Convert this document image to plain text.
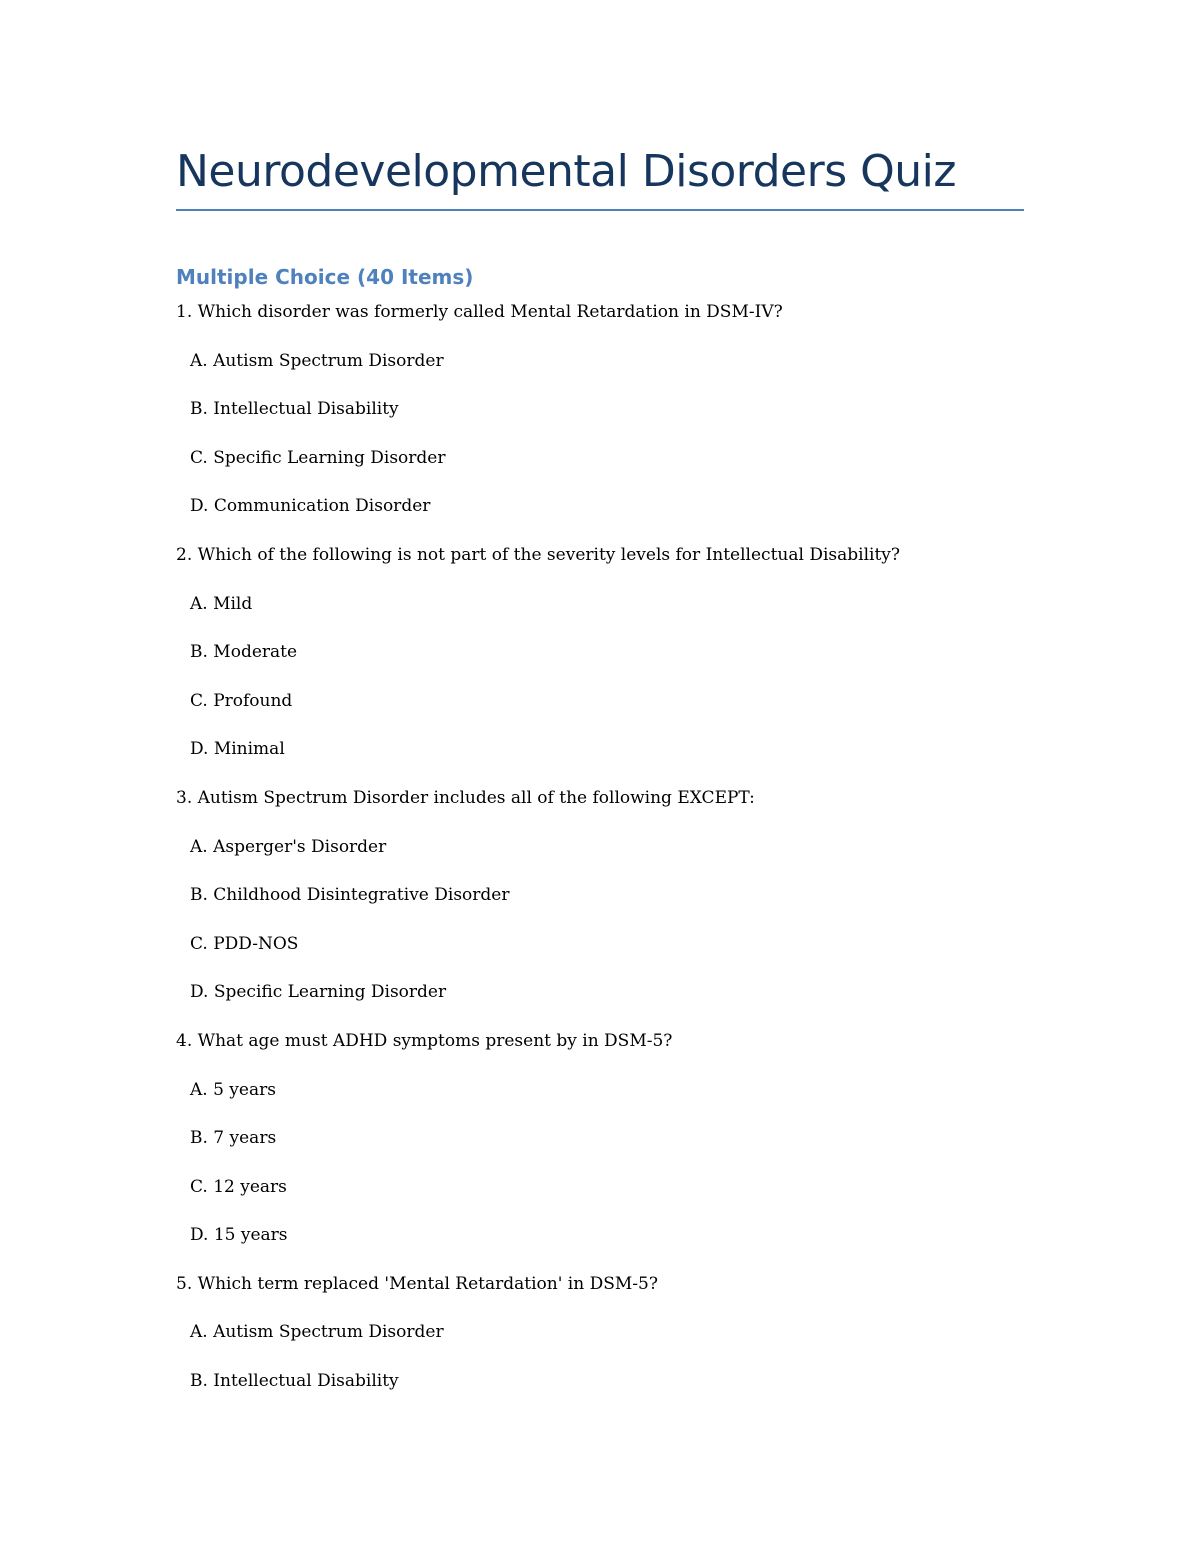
Neurodevelopmental Disorders Quiz
Multiple Choice (40 Items)
1. Which disorder was formerly called Mental Retardation in DSM-IV?
A. Autism Spectrum Disorder
B. Intellectual Disability
C. Specific Learning Disorder
D. Communication Disorder
2. Which of the following is not part of the severity levels for Intellectual Disability?
A. Mild
B. Moderate
C. Profound
D. Minimal
3. Autism Spectrum Disorder includes all of the following EXCEPT:
A. Asperger's Disorder
B. Childhood Disintegrative Disorder
C. PDD-NOS
D. Specific Learning Disorder
4. What age must ADHD symptoms present by in DSM-5?
A. 5 years
B. 7 years
C. 12 years
D. 15 years
5. Which term replaced 'Mental Retardation' in DSM-5?
A. Autism Spectrum Disorder
B. Intellectual Disability
